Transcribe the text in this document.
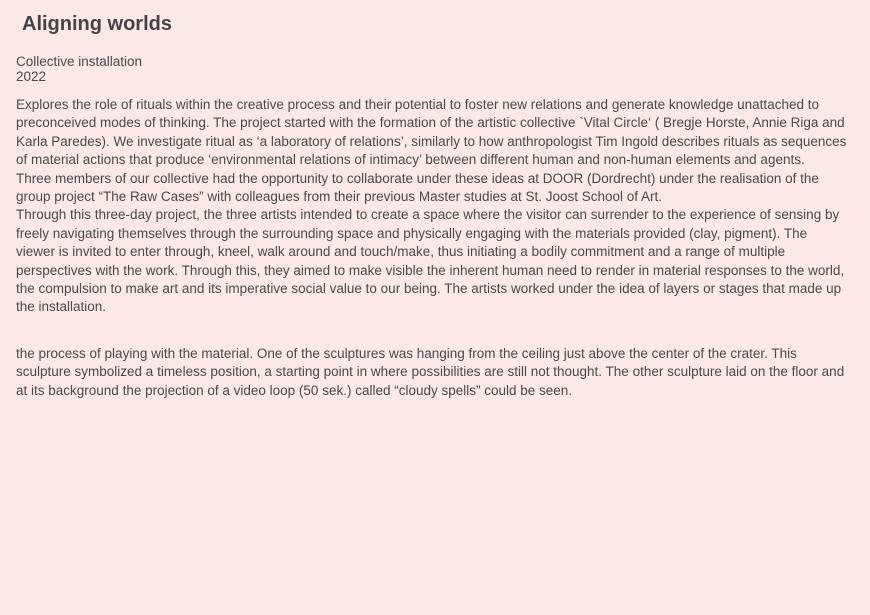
Aligning worlds
Collective installation
2022

Explores the role of rituals within the creative process and their potential to foster new relations and generate knowledge unattached to preconceived modes of thinking. The project started with the formation of the artistic collective `Vital Circle‘ ( Bregje Horste, Annie Riga and Karla Paredes). We investigate ritual as ‘a laboratory of relations’, similarly to how anthropologist Tim Ingold describes rituals as sequences of material actions that produce ‘environmental relations of intimacy’ between different human and non-human elements and agents.

Three members of our collective had the opportunity to collaborate under these ideas at DOOR (Dordrecht) under the realisation of the group project “The Raw Cases” with colleagues from their previous Master studies at St. Joost School of Art.

Through this three-day project, the three artists intended to create a space where the visitor can surrender to the experience of sensing by freely navigating themselves through the surrounding space and physically engaging with the materials provided (clay, pigment). The viewer is invited to enter through, kneel, walk around and touch/make, thus initiating a bodily commitment and a range of multiple perspectives with the work. Through this, they aimed to make visible the inherent human need to render in material responses to the world, the compulsion to make art and its imperative social value to our being. The artists worked under the idea of layers or stages that made up the installation.

the process of playing with the material. One of the sculptures was hanging from the ceiling just above the center of the crater. This sculpture symbolized a timeless position, a starting point in where possibilities are still not thought. The other sculpture laid on the floor and at its background the projection of a video loop (50 sek.) called “cloudy spells” could be seen.
